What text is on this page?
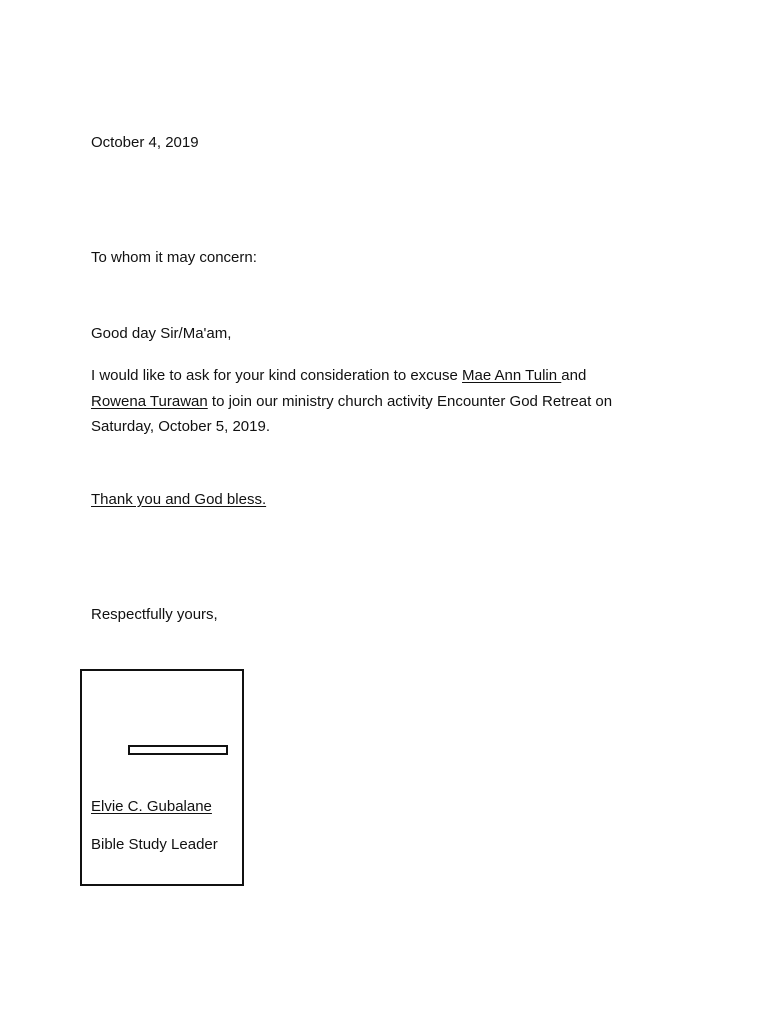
October 4, 2019
To whom it may concern:
Good day Sir/Ma'am,
I would like to ask for your kind consideration to excuse Mae Ann Tulin and
Rowena Turawan to join our ministry church activity Encounter God Retreat on
Saturday, October 5, 2019.
Thank you and God bless.
Respectfully yours,
Elvie C. Gubalane
Bible Study Leader
